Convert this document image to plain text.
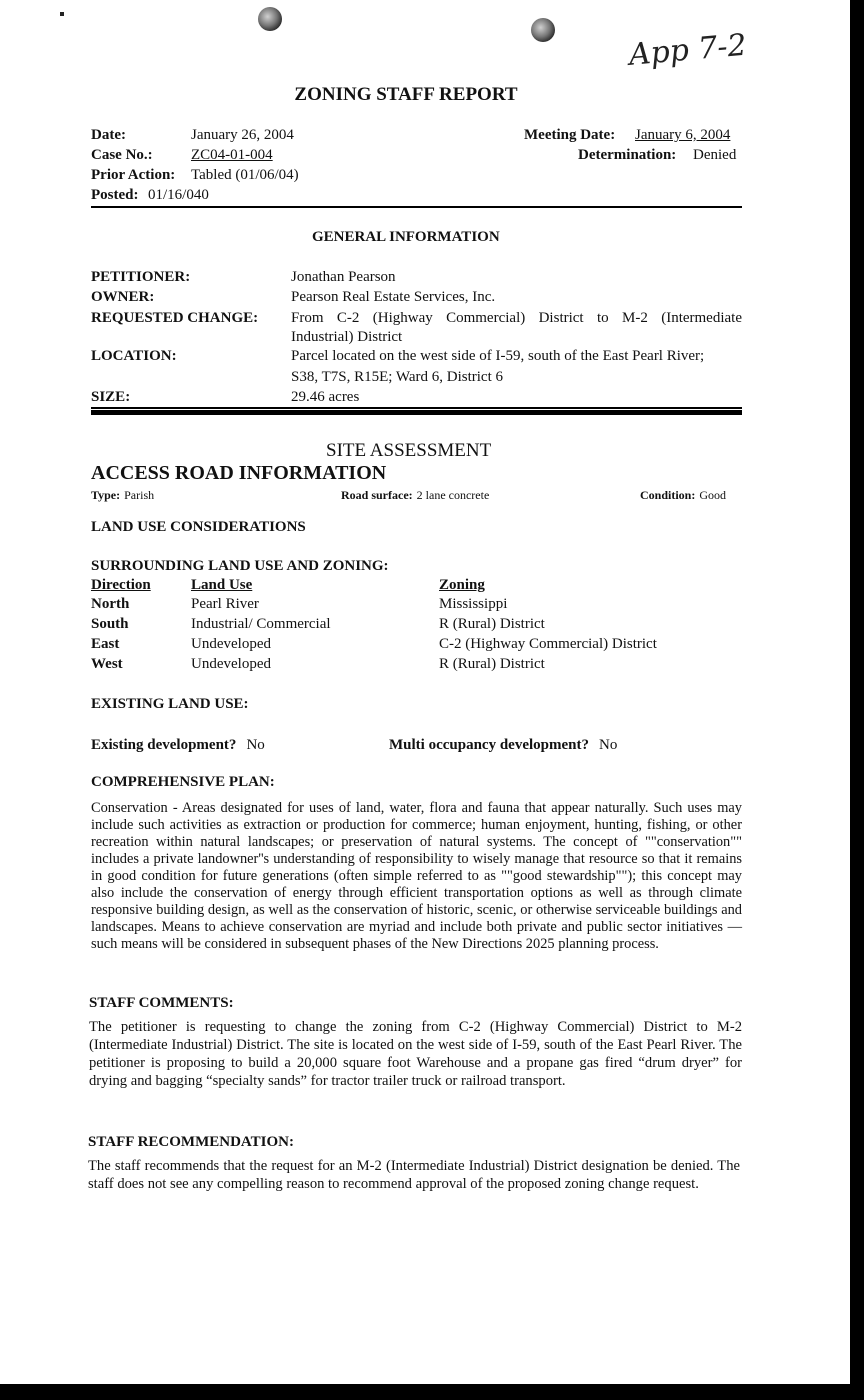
App 7-2
ZONING STAFF REPORT
Date:	January 26, 2004
Case No.:	ZC04-01-004
Prior Action: Tabled (01/06/04)
Posted: 01/16/040
Meeting Date: January 6, 2004
Determination: Denied
GENERAL INFORMATION
PETITIONER:	Jonathan Pearson
OWNER:	Pearson Real Estate Services, Inc.
REQUESTED CHANGE: From C-2 (Highway Commercial) District to M-2 (Intermediate
Industrial) District
LOCATION:	Parcel located on the west side of I-59, south of the East Pearl River;
S38, T7S, R15E; Ward 6, District 6
SIZE:	29.46 acres
SITE ASSESSMENT
ACCESS ROAD INFORMATION
Type: Parish	Road surface: 2 lane concrete	Condition: Good
LAND USE CONSIDERATIONS
SURROUNDING LAND USE AND ZONING:
Direction	Land Use	Zoning
North	Pearl River	Mississippi
South	Industrial/ Commercial	R (Rural) District
East	Undeveloped	C-2 (Highway Commercial) District
West	Undeveloped	R (Rural) District
EXISTING LAND USE:
Existing development? No	Multi occupancy development? No
COMPREHENSIVE PLAN:
Conservation - Areas designated for uses of land, water, flora and fauna that appear naturally. Such uses may include such activities as extraction or production for commerce; human enjoyment, hunting, fishing, or other recreation within natural landscapes; or preservation of natural systems. The concept of ""conservation"" includes a private landowner''s understanding of responsibility to wisely manage that resource so that it remains in good condition for future generations (often simple referred to as ""good stewardship""); this concept may also include the conservation of energy through efficient transportation options as well as through climate responsive building design, as well as the conservation of historic, scenic, or otherwise serviceable buildings and landscapes. Means to achieve conservation are myriad and include both private and public sector initiatives — such means will be considered in subsequent phases of the New Directions 2025 planning process.
STAFF COMMENTS:
The petitioner is requesting to change the zoning from C-2 (Highway Commercial) District to M-2 (Intermediate Industrial) District. The site is located on the west side of I-59, south of the East Pearl River. The petitioner is proposing to build a 20,000 square foot Warehouse and a propane gas fired “drum dryer” for drying and bagging “specialty sands” for tractor trailer truck or railroad transport.
STAFF RECOMMENDATION:
The staff recommends that the request for an M-2 (Intermediate Industrial) District designation be denied. The staff does not see any compelling reason to recommend approval of the proposed zoning change request.
